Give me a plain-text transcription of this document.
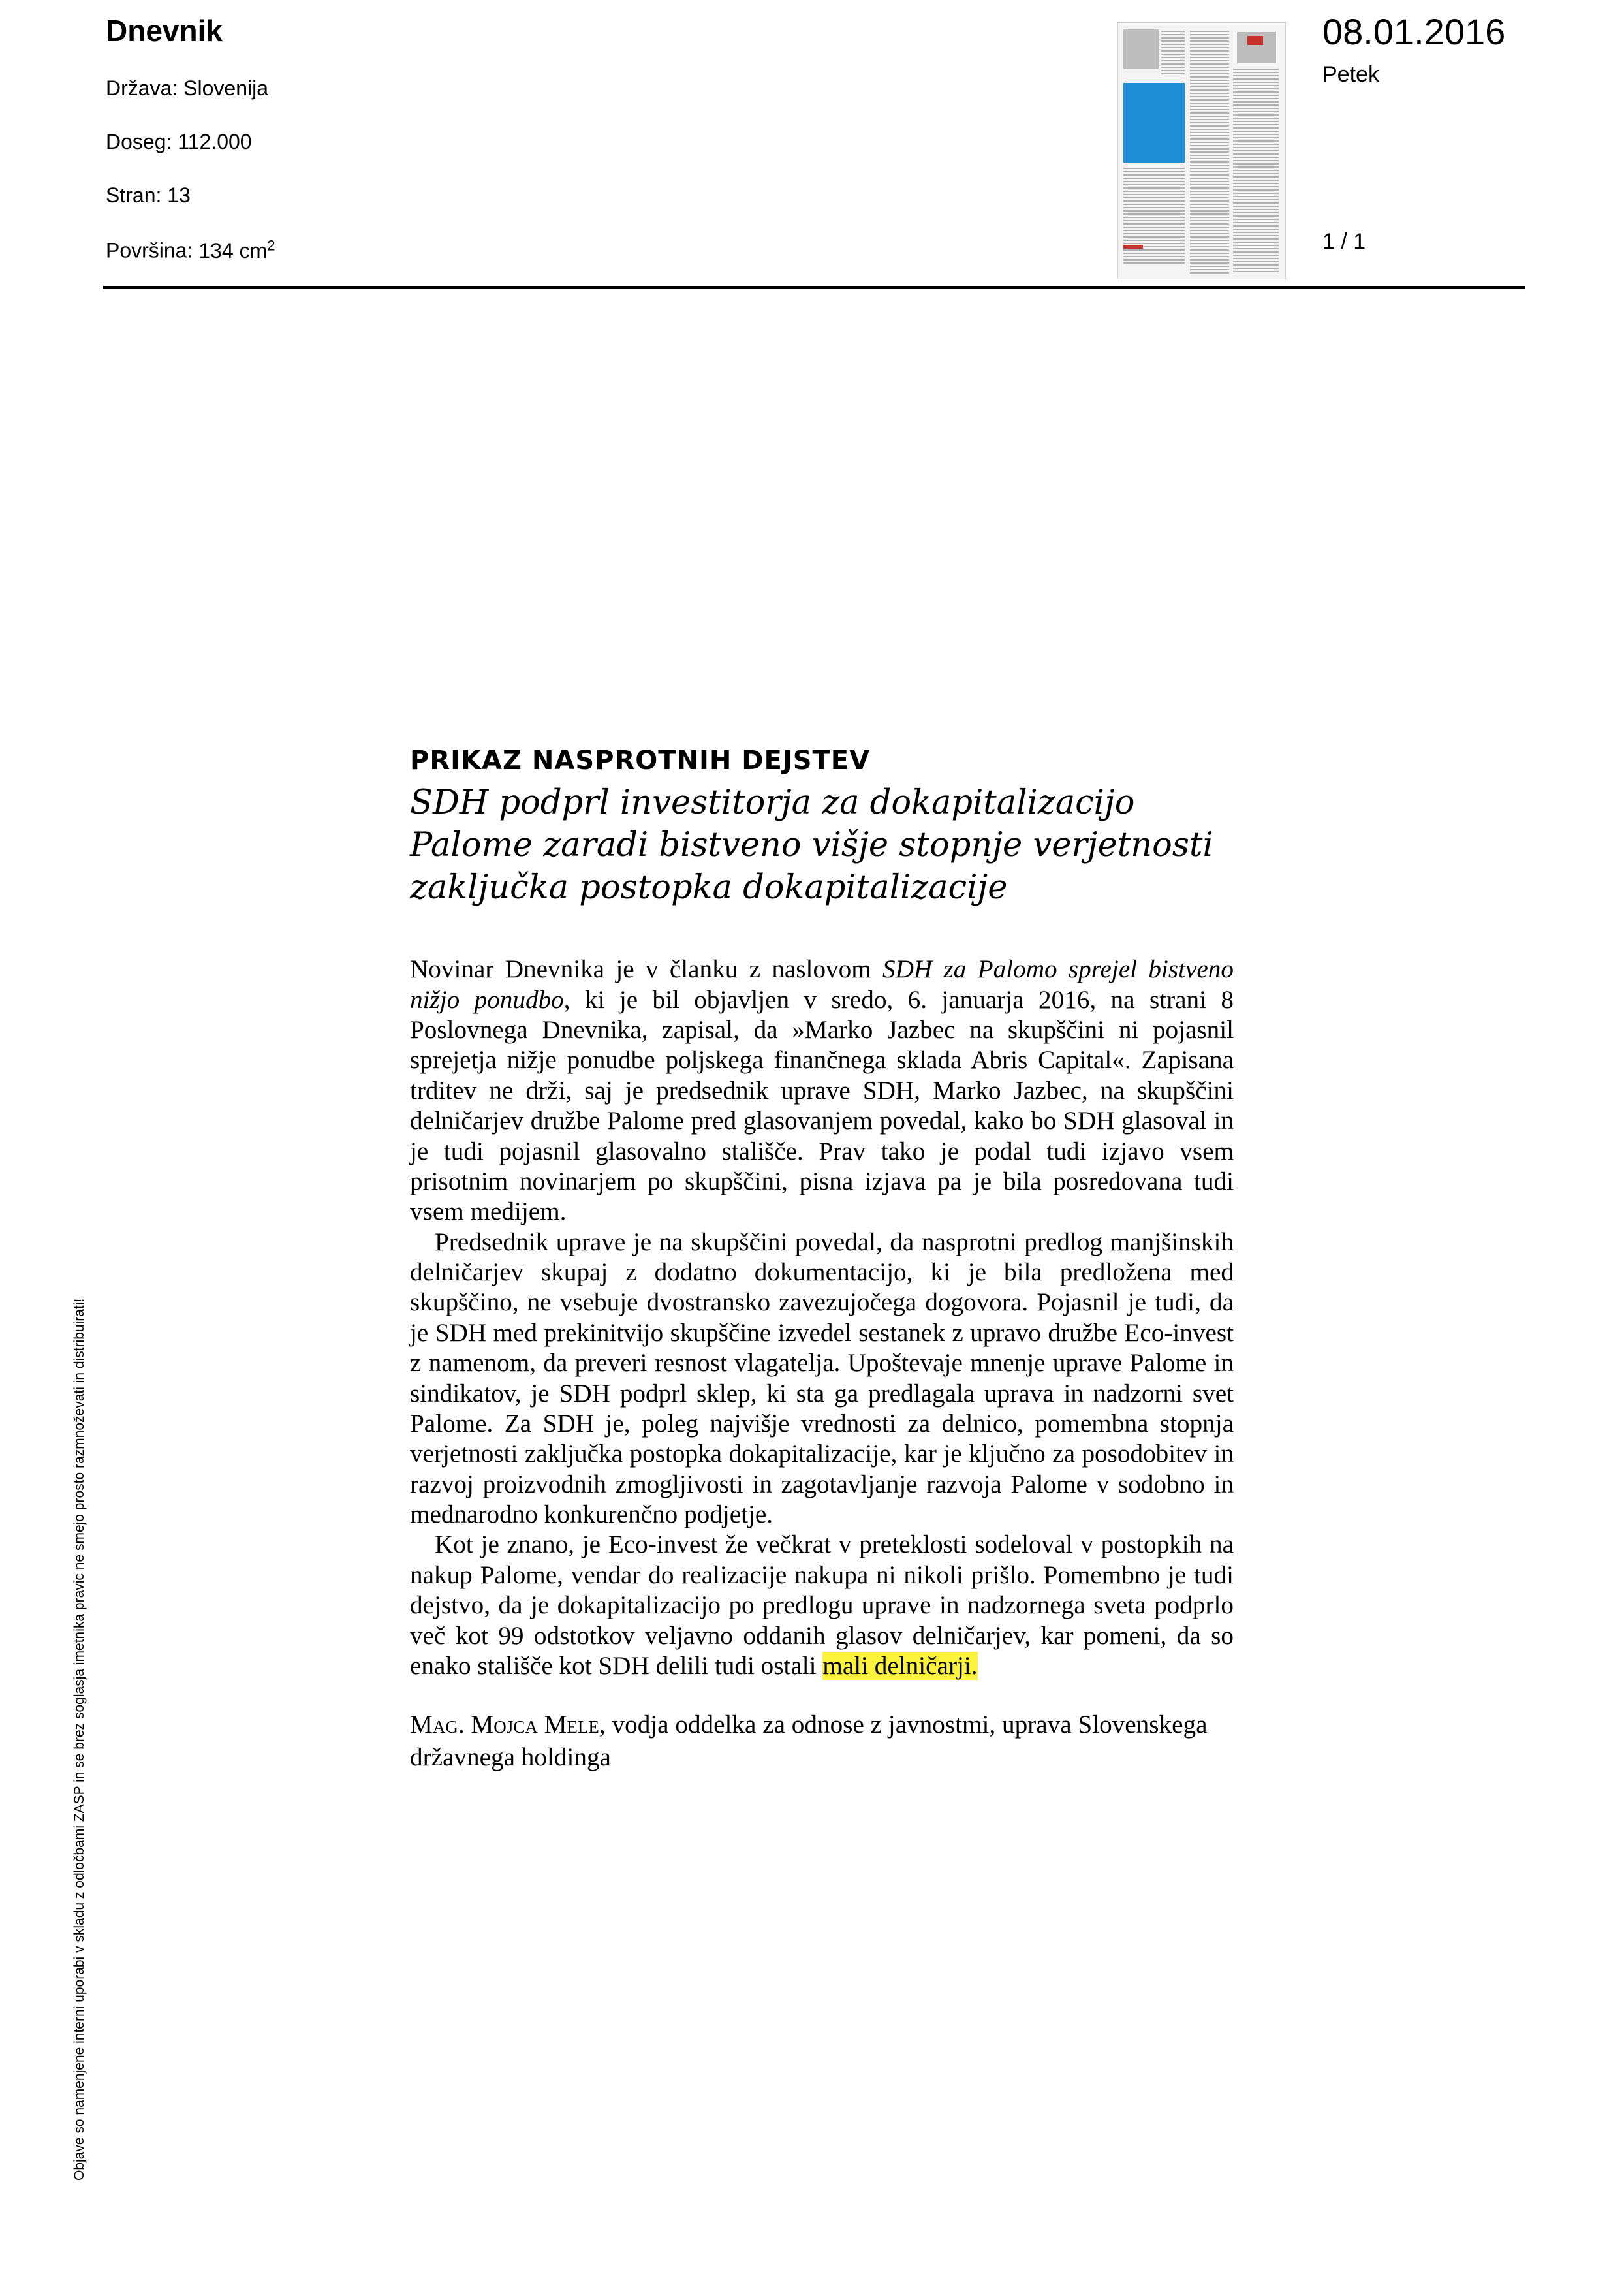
Dnevnik
Država: Slovenija
Doseg: 112.000
Stran: 13
Površina: 134 $cm^2$
08.01.2016
Petek
1 / 1
Objave so namenjene interni uporabi v skladu z odločbami ZASP in se brez soglasja imetnika pravic ne smejo prosto razmnoževati in distribuirati!
PRIKAZ NASPROTNIH DEJSTEV
SDH podprl investitorja za dokapitalizacijo Palome zaradi bistveno višje stopnje verjetnosti zaključka postopka dokapitalizacije

Novinar Dnevnika je v članku z naslovom SDH za Palomo sprejel bistveno nižjo ponudbo, ki je bil objavljen v sredo, 6. januarja 2016, na strani 8 Poslovnega Dnevnika, zapisal, da »Marko Jazbec na skupščini ni pojasnil sprejetja nižje ponudbe poljskega finančnega sklada Abris Capital«. Zapisana trditev ne drži, saj je predsednik uprave SDH, Marko Jazbec, na skupščini delničarjev družbe Palome pred glasovanjem povedal, kako bo SDH glasoval in je tudi pojasnil glasovalno stališče. Prav tako je podal tudi izjavo vsem prisotnim novinarjem po skupščini, pisna izjava pa je bila posredovana tudi vsem medijem.

Predsednik uprave je na skupščini povedal, da nasprotni predlog manjšinskih delničarjev skupaj z dodatno dokumentacijo, ki je bila predložena med skupščino, ne vsebuje dvostransko zavezujočega dogovora. Pojasnil je tudi, da je SDH med prekinitvijo skupščine izvedel sestanek z upravo družbe Eco-invest z namenom, da preveri resnost vlagatelja. Upoštevaje mnenje uprave Palome in sindikatov, je SDH podprl sklep, ki sta ga predlagala uprava in nadzorni svet Palome. Za SDH je, poleg najvišje vrednosti za delnico, pomembna stopnja verjetnosti zaključka postopka dokapitalizacije, kar je ključno za posodobitev in razvoj proizvodnih zmogljivosti in zagotavljanje razvoja Palome v sodobno in mednarodno konkurenčno podjetje.

Kot je znano, je Eco-invest že večkrat v preteklosti sodeloval v postopkih na nakup Palome, vendar do realizacije nakupa ni nikoli prišlo. Pomembno je tudi dejstvo, da je dokapitalizacijo po predlogu uprave in nadzornega sveta podprlo več kot 99 odstotkov veljavno oddanih glasov delničarjev, kar pomeni, da so enako stališče kot SDH delili tudi ostali mali delničarji.

Mag. Mojca Mele, vodja oddelka za odnose z javnostmi, uprava Slovenskega državnega holdinga
